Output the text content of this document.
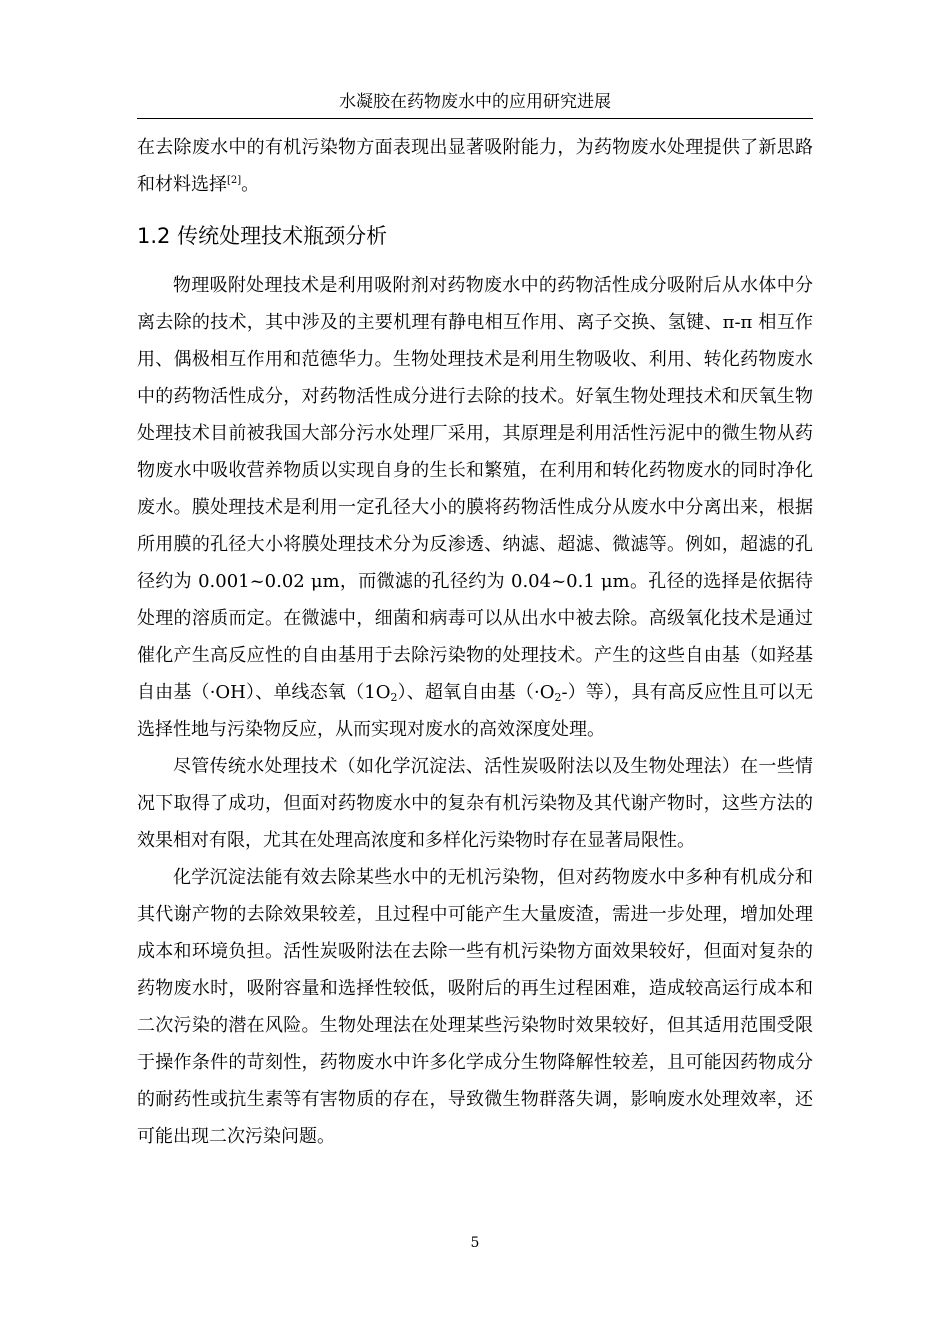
水凝胶在药物废水中的应用研究进展

在去除废水中的有机污染物方面表现出显著吸附能力，为药物废水处理提供了新思路和材料选择[2]。

1.2 传统处理技术瓶颈分析

物理吸附处理技术是利用吸附剂对药物废水中的药物活性成分吸附后从水体中分离去除的技术，其中涉及的主要机理有静电相互作用、离子交换、氢键、π-π 相互作用、偶极相互作用和范德华力。生物处理技术是利用生物吸收、利用、转化药物废水中的药物活性成分，对药物活性成分进行去除的技术。好氧生物处理技术和厌氧生物处理技术目前被我国大部分污水处理厂采用，其原理是利用活性污泥中的微生物从药物废水中吸收营养物质以实现自身的生长和繁殖，在利用和转化药物废水的同时净化废水。膜处理技术是利用一定孔径大小的膜将药物活性成分从废水中分离出来，根据所用膜的孔径大小将膜处理技术分为反渗透、纳滤、超滤、微滤等。例如，超滤的孔径约为 0.001~0.02 μm，而微滤的孔径约为 0.04~0.1 μm。孔径的选择是依据待处理的溶质而定。在微滤中，细菌和病毒可以从出水中被去除。高级氧化技术是通过催化产生高反应性的自由基用于去除污染物的处理技术。产生的这些自由基（如羟基自由基（·OH）、单线态氧$(1O_2)$、超氧自由基$(\cdot O_2-)$等），具有高反应性且可以无选择性地与污染物反应，从而实现对废水的高效深度处理。

尽管传统水处理技术（如化学沉淀法、活性炭吸附法以及生物处理法）在一些情况下取得了成功，但面对药物废水中的复杂有机污染物及其代谢产物时，这些方法的效果相对有限，尤其在处理高浓度和多样化污染物时存在显著局限性。

化学沉淀法能有效去除某些水中的无机污染物，但对药物废水中多种有机成分和其代谢产物的去除效果较差，且过程中可能产生大量废渣，需进一步处理，增加处理成本和环境负担。活性炭吸附法在去除一些有机污染物方面效果较好，但面对复杂的药物废水时，吸附容量和选择性较低，吸附后的再生过程困难，造成较高运行成本和二次污染的潜在风险。生物处理法在处理某些污染物时效果较好，但其适用范围受限于操作条件的苛刻性，药物废水中许多化学成分生物降解性较差，且可能因药物成分的耐药性或抗生素等有害物质的存在，导致微生物群落失调，影响废水处理效率，还可能出现二次污染问题。

5
